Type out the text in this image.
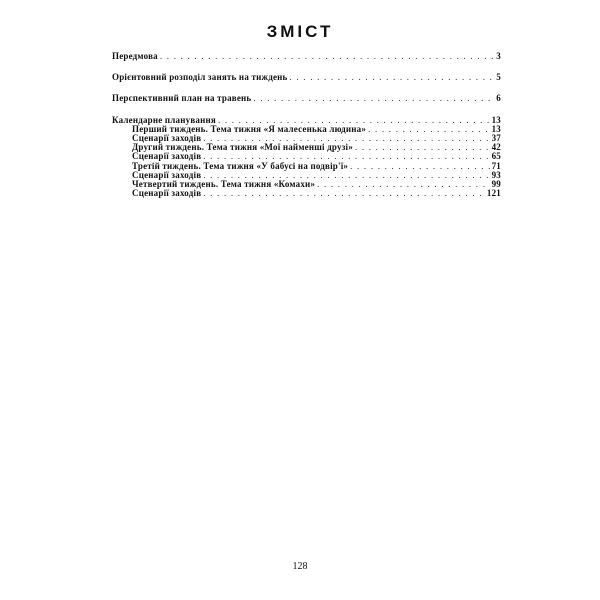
ЗМІСТ
Передмова . . .	3
Орієнтовний розподіл занять на тиждень . . .	5
Перспективний план на травень . . .	6
Календарне планування . . .	13
Перший тиждень. Тема тижня «Я малесенька людина» . . .	13
Сценарії заходів . . .	37
Другий тиждень. Тема тижня «Мої найменші друзі» . . .	42
Сценарії заходів . . .	65
Третій тиждень. Тема тижня «У бабусі на подвір'ї» . . .	71
Сценарії заходів . . .	93
Четвертий тиждень. Тема тижня «Комахи» . . .	99
Сценарії заходів . . .	121
128
